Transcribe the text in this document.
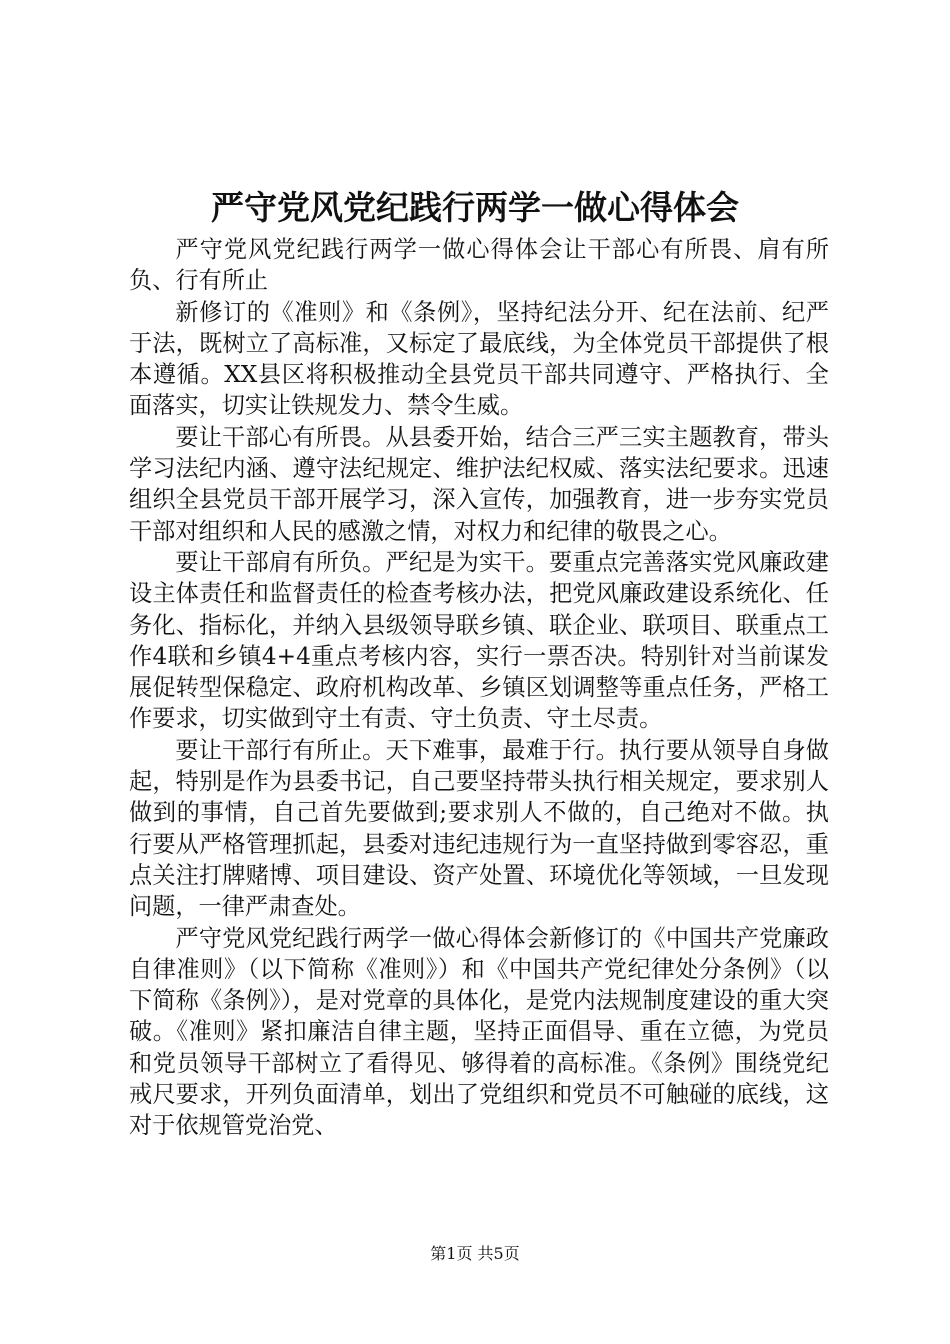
严守党风党纪践行两学一做心得体会

严守党风党纪践行两学一做心得体会让干部心有所畏、肩有所负、行有所止

新修订的《准则》和《条例》，坚持纪法分开、纪在法前、纪严于法，既树立了高标准，又标定了最底线，为全体党员干部提供了根本遵循。XX县区将积极推动全县党员干部共同遵守、严格执行、全面落实，切实让铁规发力、禁令生威。

要让干部心有所畏。从县委开始，结合三严三实主题教育，带头学习法纪内涵、遵守法纪规定、维护法纪权威、落实法纪要求。迅速组织全县党员干部开展学习，深入宣传，加强教育，进一步夯实党员干部对组织和人民的感激之情，对权力和纪律的敬畏之心。

要让干部肩有所负。严纪是为实干。要重点完善落实党风廉政建设主体责任和监督责任的检查考核办法，把党风廉政建设系统化、任务化、指标化，并纳入县级领导联乡镇、联企业、联项目、联重点工作4联和乡镇4+4重点考核内容，实行一票否决。特别针对当前谋发展促转型保稳定、政府机构改革、乡镇区划调整等重点任务，严格工作要求，切实做到守土有责、守土负责、守土尽责。

要让干部行有所止。天下难事，最难于行。执行要从领导自身做起，特别是作为县委书记，自己要坚持带头执行相关规定，要求别人做到的事情，自己首先要做到;要求别人不做的，自己绝对不做。执行要从严格管理抓起，县委对违纪违规行为一直坚持做到零容忍，重点关注打牌赌博、项目建设、资产处置、环境优化等领域，一旦发现问题，一律严肃查处。

严守党风党纪践行两学一做心得体会新修订的《中国共产党廉政自律准则》（以下简称《准则》）和《中国共产党纪律处分条例》（以下简称《条例》），是对党章的具体化，是党内法规制度建设的重大突破。《准则》紧扣廉洁自律主题，坚持正面倡导、重在立德，为党员和党员领导干部树立了看得见、够得着的高标准。《条例》围绕党纪戒尺要求，开列负面清单，划出了党组织和党员不可触碰的底线，这对于依规管党治党、

第1页 共5页
